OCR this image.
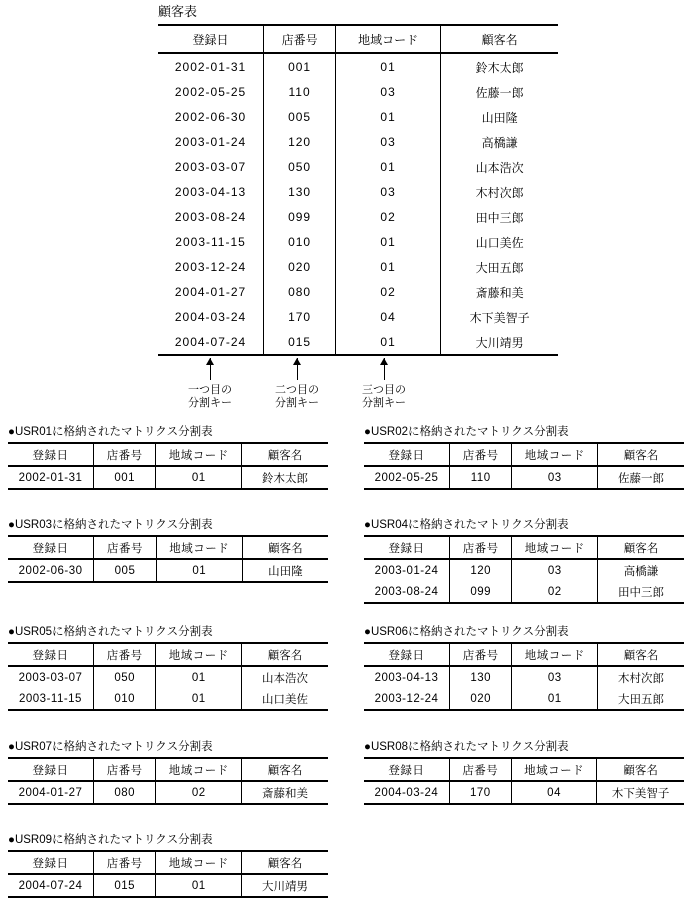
顧客表
登録日	店番号	地域コード	顧客名
2002-01-31	001	01	鈴木太郎
2002-05-25	110	03	佐藤一郎
2002-06-30	005	01	山田隆
2003-01-24	120	03	高橋謙
2003-03-07	050	01	山本浩次
2003-04-13	130	03	木村次郎
2003-08-24	099	02	田中三郎
2003-11-15	010	01	山口美佐
2003-12-24	020	01	大田五郎
2004-01-27	080	02	斎藤和美
2004-03-24	170	04	木下美智子
2004-07-24	015	01	大川靖男
一つ目の
分割キー
二つ目の
分割キー
三つ目の
分割キー
●USR01に格納されたマトリクス分割表
登録日	店番号	地域コード	顧客名
2002-01-31	001	01	鈴木太郎
●USR02に格納されたマトリクス分割表
登録日	店番号	地域コード	顧客名
2002-05-25	110	03	佐藤一郎
●USR03に格納されたマトリクス分割表
登録日	店番号	地域コード	顧客名
2002-06-30	005	01	山田隆
●USR04に格納されたマトリクス分割表
登録日	店番号	地域コード	顧客名
2003-01-24	120	03	高橋謙
2003-08-24	099	02	田中三郎
●USR05に格納されたマトリクス分割表
登録日	店番号	地域コード	顧客名
2003-03-07	050	01	山本浩次
2003-11-15	010	01	山口美佐
●USR06に格納されたマトリクス分割表
登録日	店番号	地域コード	顧客名
2003-04-13	130	03	木村次郎
2003-12-24	020	01	大田五郎
●USR07に格納されたマトリクス分割表
登録日	店番号	地域コード	顧客名
2004-01-27	080	02	斎藤和美
●USR08に格納されたマトリクス分割表
登録日	店番号	地域コード	顧客名
2004-03-24	170	04	木下美智子
●USR09に格納されたマトリクス分割表
登録日	店番号	地域コード	顧客名
2004-07-24	015	01	大川靖男
